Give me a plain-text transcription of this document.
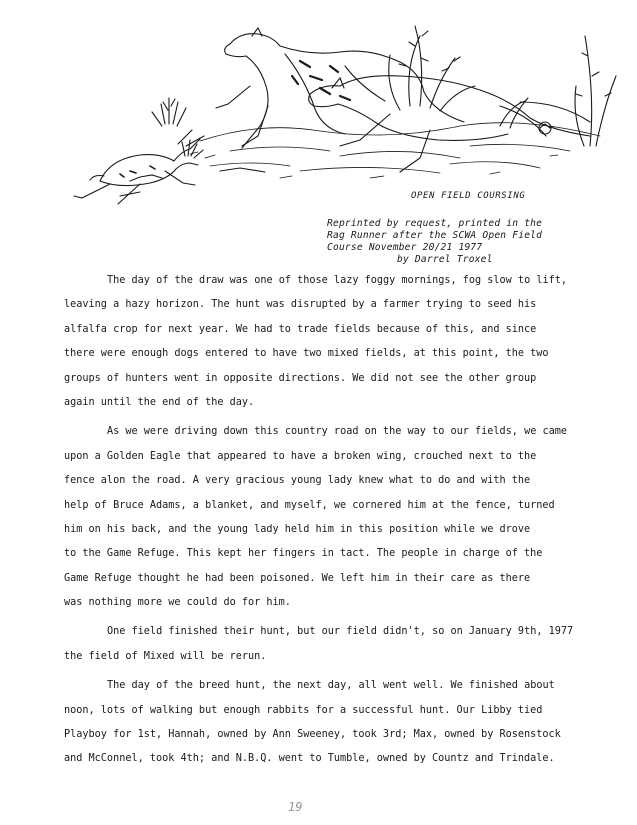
OPEN FIELD COURSING
Reprinted by request, printed in the
Rag Runner after the SCWA Open Field
Course November 20/21 1977
by Darrel Troxel
The day of the draw was one of those lazy foggy mornings, fog slow to lift,
leaving a hazy horizon. The hunt was disrupted by a farmer trying to seed his
alfalfa crop for next year. We had to trade fields because of this, and since
there were enough dogs entered to have two mixed fields, at this point, the two
groups of hunters went in opposite directions. We did not see the other group
again until the end of the day.
As we were driving down this country road on the way to our fields, we came
upon a Golden Eagle that appeared to have a broken wing, crouched next to the
fence alon the road. A very gracious young lady knew what to do and with the
help of Bruce Adams, a blanket, and myself, we cornered him at the fence, turned
him on his back, and the young lady held him in this position while we drove
to the Game Refuge. This kept her fingers in tact. The people in charge of the
Game Refuge thought he had been poisoned. We left him in their care as there
was nothing more we could do for him.
One field finished their hunt, but our field didn't, so on January 9th, 1977
the field of Mixed will be rerun.
The day of the breed hunt, the next day, all went well. We finished about
noon, lots of walking but enough rabbits for a successful hunt. Our Libby tied
Playboy for 1st, Hannah, owned by Ann Sweeney, took 3rd; Max, owned by Rosenstock
and McConnel, took 4th; and N.B.Q. went to Tumble, owned by Countz and Trindale.
19
